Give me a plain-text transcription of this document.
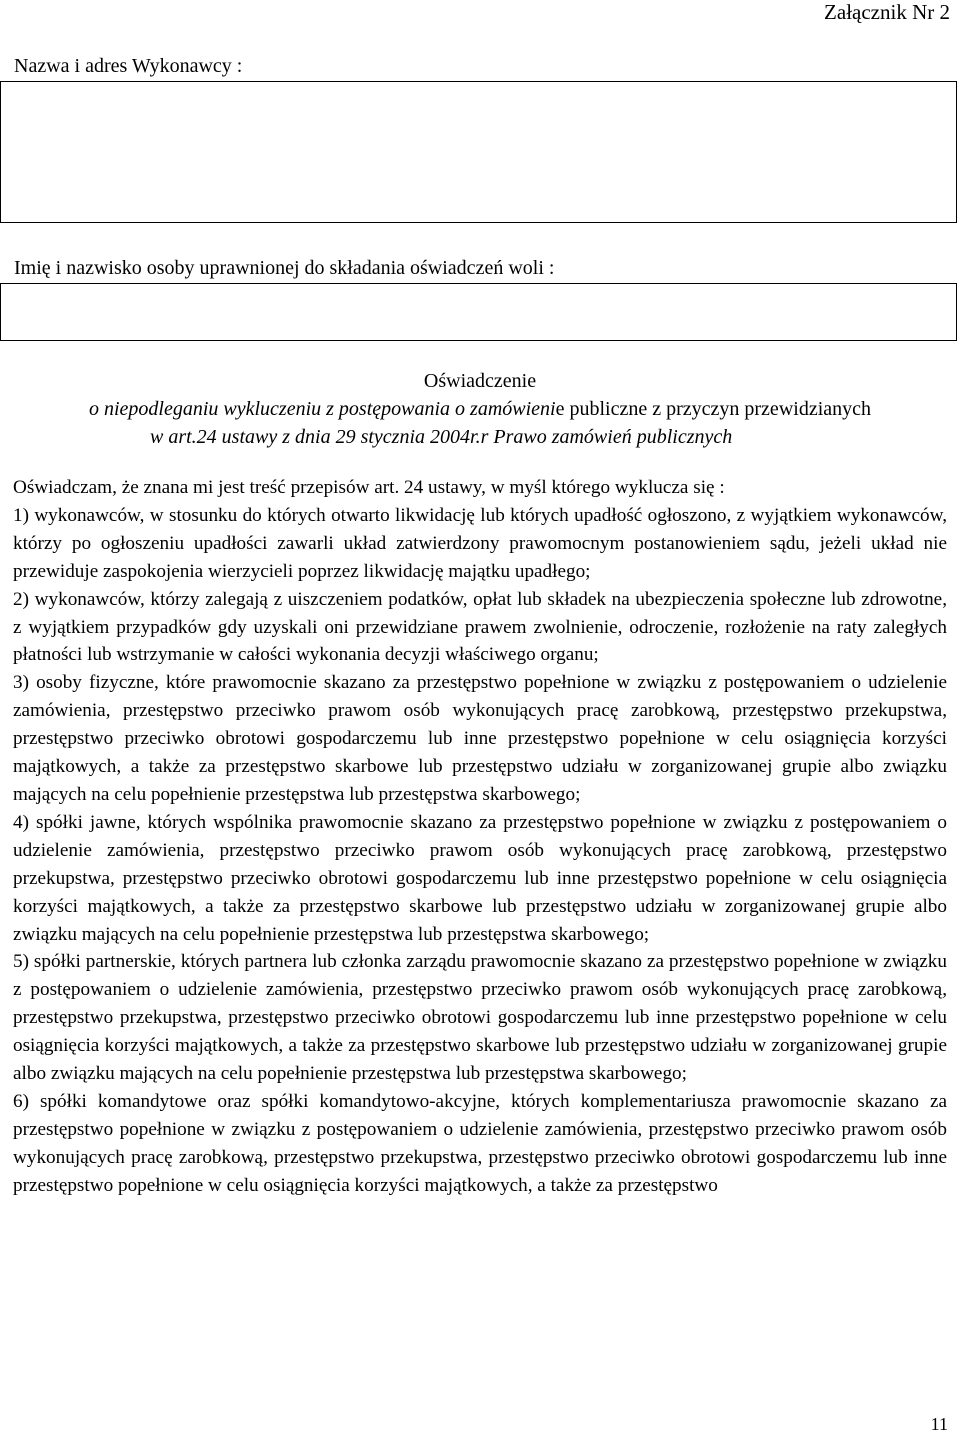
Załącznik Nr 2
Nazwa i adres Wykonawcy :
Imię i nazwisko osoby uprawnionej do składania oświadczeń woli :
Oświadczenie
o niepodleganiu wykluczeniu z postępowania o zamówienie publiczne z przyczyn przewidzianych
w art.24 ustawy z dnia 29 stycznia 2004r.r Prawo zamówień publicznych

Oświadczam, że znana mi jest treść przepisów art. 24 ustawy, w myśl którego wyklucza się :

1) wykonawców, w stosunku do których otwarto likwidację lub których upadłość ogłoszono, z wyjątkiem wykonawców, którzy po ogłoszeniu upadłości zawarli układ zatwierdzony prawomocnym postanowieniem sądu, jeżeli układ nie przewiduje zaspokojenia wierzycieli poprzez likwidację majątku upadłego;

2) wykonawców, którzy zalegają z uiszczeniem podatków, opłat lub składek na ubezpieczenia społeczne lub zdrowotne, z wyjątkiem przypadków gdy uzyskali oni przewidziane prawem zwolnienie, odroczenie, rozłożenie na raty zaległych płatności lub wstrzymanie w całości wykonania decyzji właściwego organu;

3) osoby fizyczne, które prawomocnie skazano za przestępstwo popełnione w związku z postępowaniem o udzielenie zamówienia, przestępstwo przeciwko prawom osób wykonujących pracę zarobkową, przestępstwo przekupstwa, przestępstwo przeciwko obrotowi gospodarczemu lub inne przestępstwo popełnione w celu osiągnięcia korzyści majątkowych, a także za przestępstwo skarbowe lub przestępstwo udziału w zorganizowanej grupie albo związku mających na celu popełnienie przestępstwa lub przestępstwa skarbowego;

4) spółki jawne, których wspólnika prawomocnie skazano za przestępstwo popełnione w związku z postępowaniem o udzielenie zamówienia, przestępstwo przeciwko prawom osób wykonujących pracę zarobkową, przestępstwo przekupstwa, przestępstwo przeciwko obrotowi gospodarczemu lub inne przestępstwo popełnione w celu osiągnięcia korzyści majątkowych, a także za przestępstwo skarbowe lub przestępstwo udziału w zorganizowanej grupie albo związku mających na celu popełnienie przestępstwa lub przestępstwa skarbowego;

5) spółki partnerskie, których partnera lub członka zarządu prawomocnie skazano za przestępstwo popełnione w związku z postępowaniem o udzielenie zamówienia, przestępstwo przeciwko prawom osób wykonujących pracę zarobkową, przestępstwo przekupstwa, przestępstwo przeciwko obrotowi gospodarczemu lub inne przestępstwo popełnione w celu osiągnięcia korzyści majątkowych, a także za przestępstwo skarbowe lub przestępstwo udziału w zorganizowanej grupie albo związku mających na celu popełnienie przestępstwa lub przestępstwa skarbowego;

6) spółki komandytowe oraz spółki komandytowo-akcyjne, których komplementariusza prawomocnie skazano za przestępstwo popełnione w związku z postępowaniem o udzielenie zamówienia, przestępstwo przeciwko prawom osób wykonujących pracę zarobkową, przestępstwo przekupstwa, przestępstwo przeciwko obrotowi gospodarczemu lub inne przestępstwo popełnione w celu osiągnięcia korzyści majątkowych, a także za przestępstwo

11
